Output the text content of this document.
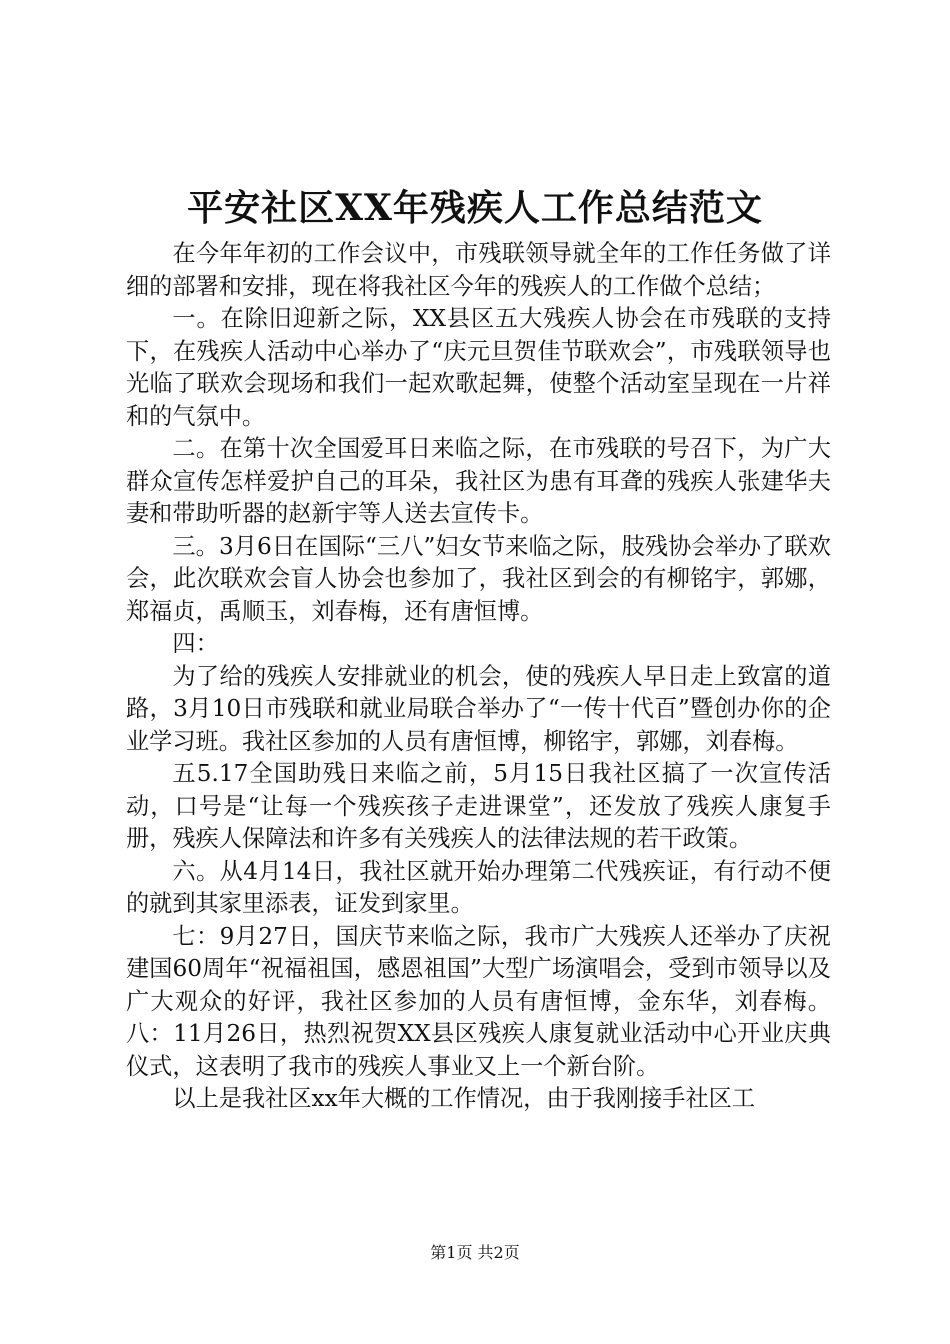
平安社区XX年残疾人工作总结范文

在今年年初的工作会议中，市残联领导就全年的工作任务做了详细的部署和安排，现在将我社区今年的残疾人的工作做个总结；

一。在除旧迎新之际，XX县区五大残疾人协会在市残联的支持下，在残疾人活动中心举办了“庆元旦贺佳节联欢会”，市残联领导也光临了联欢会现场和我们一起欢歌起舞，使整个活动室呈现在一片祥和的气氛中。

二。在第十次全国爱耳日来临之际，在市残联的号召下，为广大群众宣传怎样爱护自己的耳朵，我社区为患有耳聋的残疾人张建华夫妻和带助听器的赵新宇等人送去宣传卡。

三。3月6日在国际“三八”妇女节来临之际，肢残协会举办了联欢会，此次联欢会盲人协会也参加了，我社区到会的有柳铭宇，郭娜，郑福贞，禹顺玉，刘春梅，还有唐恒博。

四：

为了给的残疾人安排就业的机会，使的残疾人早日走上致富的道路，3月10日市残联和就业局联合举办了“一传十代百”暨创办你的企业学习班。我社区参加的人员有唐恒博，柳铭宇，郭娜，刘春梅。

五5.17全国助残日来临之前，5月15日我社区搞了一次宣传活动，口号是“让每一个残疾孩子走进课堂”，还发放了残疾人康复手册，残疾人保障法和许多有关残疾人的法律法规的若干政策。

六。从4月14日，我社区就开始办理第二代残疾证，有行动不便的就到其家里添表，证发到家里。

七：9月27日，国庆节来临之际，我市广大残疾人还举办了庆祝建国60周年“祝福祖国，感恩祖国”大型广场演唱会，受到市领导以及广大观众的好评，我社区参加的人员有唐恒博，金东华，刘春梅。八：11月26日，热烈祝贺XX县区残疾人康复就业活动中心开业庆典仪式，这表明了我市的残疾人事业又上一个新台阶。

以上是我社区xx年大概的工作情况，由于我刚接手社区工

第1页 共2页
